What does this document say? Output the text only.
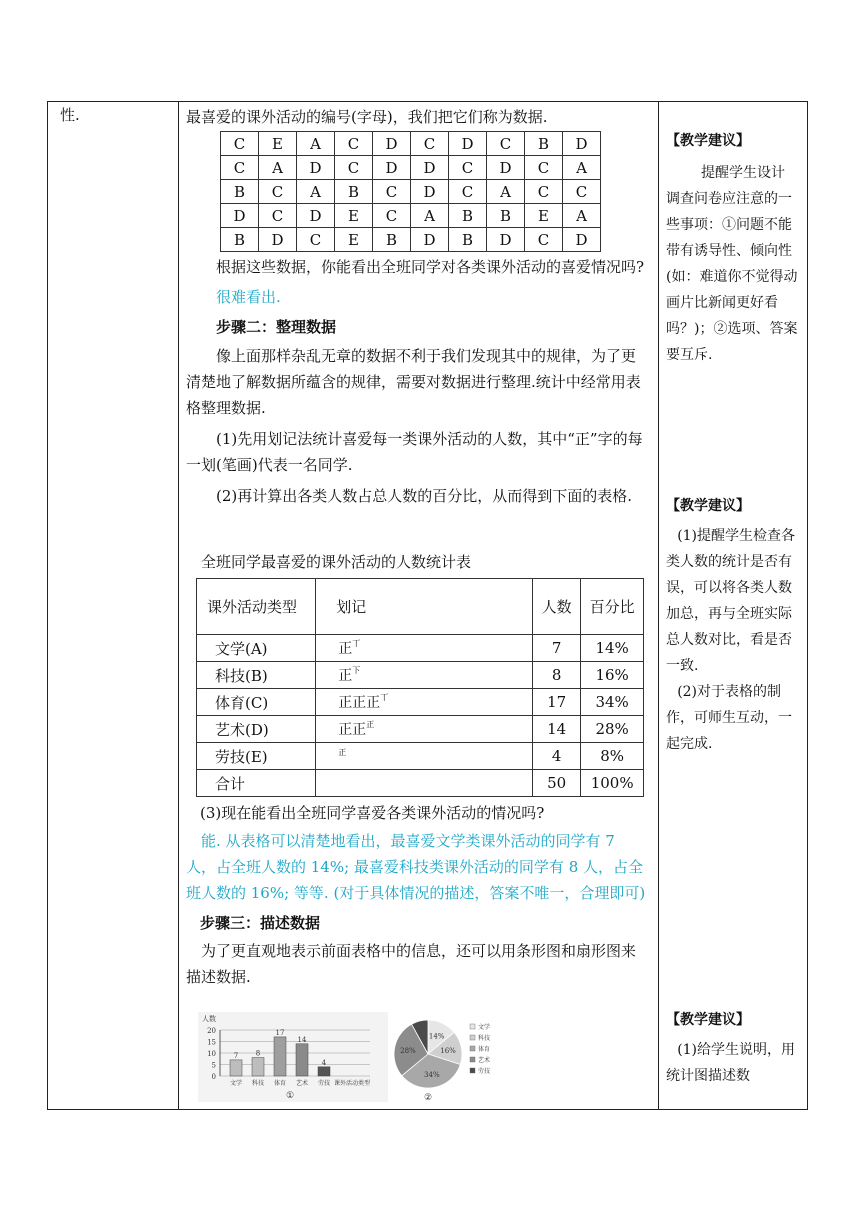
性.	最喜爱的课外活动的编号(字母)，我们把它们称为数据.

C	E	A	C	D	C	D	C	B	D
C	A	D	C	D	D	C	D	C	A
B	C	A	B	C	D	C	A	C	C
D	C	D	E	C	A	B	B	E	A
B	D	C	E	B	D	B	D	C	D

根据这些数据，你能看出全班同学对各类课外活动的喜爱情况吗?

很难看出.

步骤二：整理数据

像上面那样杂乱无章的数据不利于我们发现其中的规律，为了更清楚地了解数据所蕴含的规律，需要对数据进行整理.统计中经常用表格整理数据.

(1)先用划记法统计喜爱每一类课外活动的人数，其中“正”字的每一划(笔画)代表一名同学.

(2)再计算出各类人数占总人数的百分比，从而得到下面的表格.

全班同学最喜爱的课外活动的人数统计表
课外活动类型	划记	人数	百分比
文学(A)	正$^丅$	7	14%
科技(B)	正$^下$	8	16%
体育(C)	正正正$^丅$	17	34%
艺术(D)	正正$^正$	14	28%
劳技(E)	$^正$	4	8%
合计		50	100%

(3)现在能看出全班同学喜爱各类课外活动的情况吗?

能. 从表格可以清楚地看出，最喜爱文学类课外活动的同学有 7 人，占全班人数的 14%; 最喜爱科技类课外活动的同学有 8 人，占全班人数的 16%; 等等. (对于具体情况的描述，答案不唯一，合理即可)

步骤三：描述数据

为了更直观地表示前面表格中的信息，还可以用条形图和扇形图来描述数据.

0
5
10
15
20
人数
7
文学
8
科技
17
体育
14
艺术
4
劳技 课外活动类型
①
14%
16%
34%
28%
文学
科技
体育
艺术
劳技
②

【教学建议】

提醒学生设计调查问卷应注意的一些事项：①问题不能带有诱导性、倾向性(如：难道你不觉得动画片比新闻更好看吗？)；②选项、答案要互斥.

【教学建议】

(1)提醒学生检查各类人数的统计是否有误，可以将各类人数加总，再与全班实际总人数对比，看是否一致.

(2)对于表格的制作，可师生互动，一起完成.

【教学建议】

(1)给学生说明，用统计图描述数
